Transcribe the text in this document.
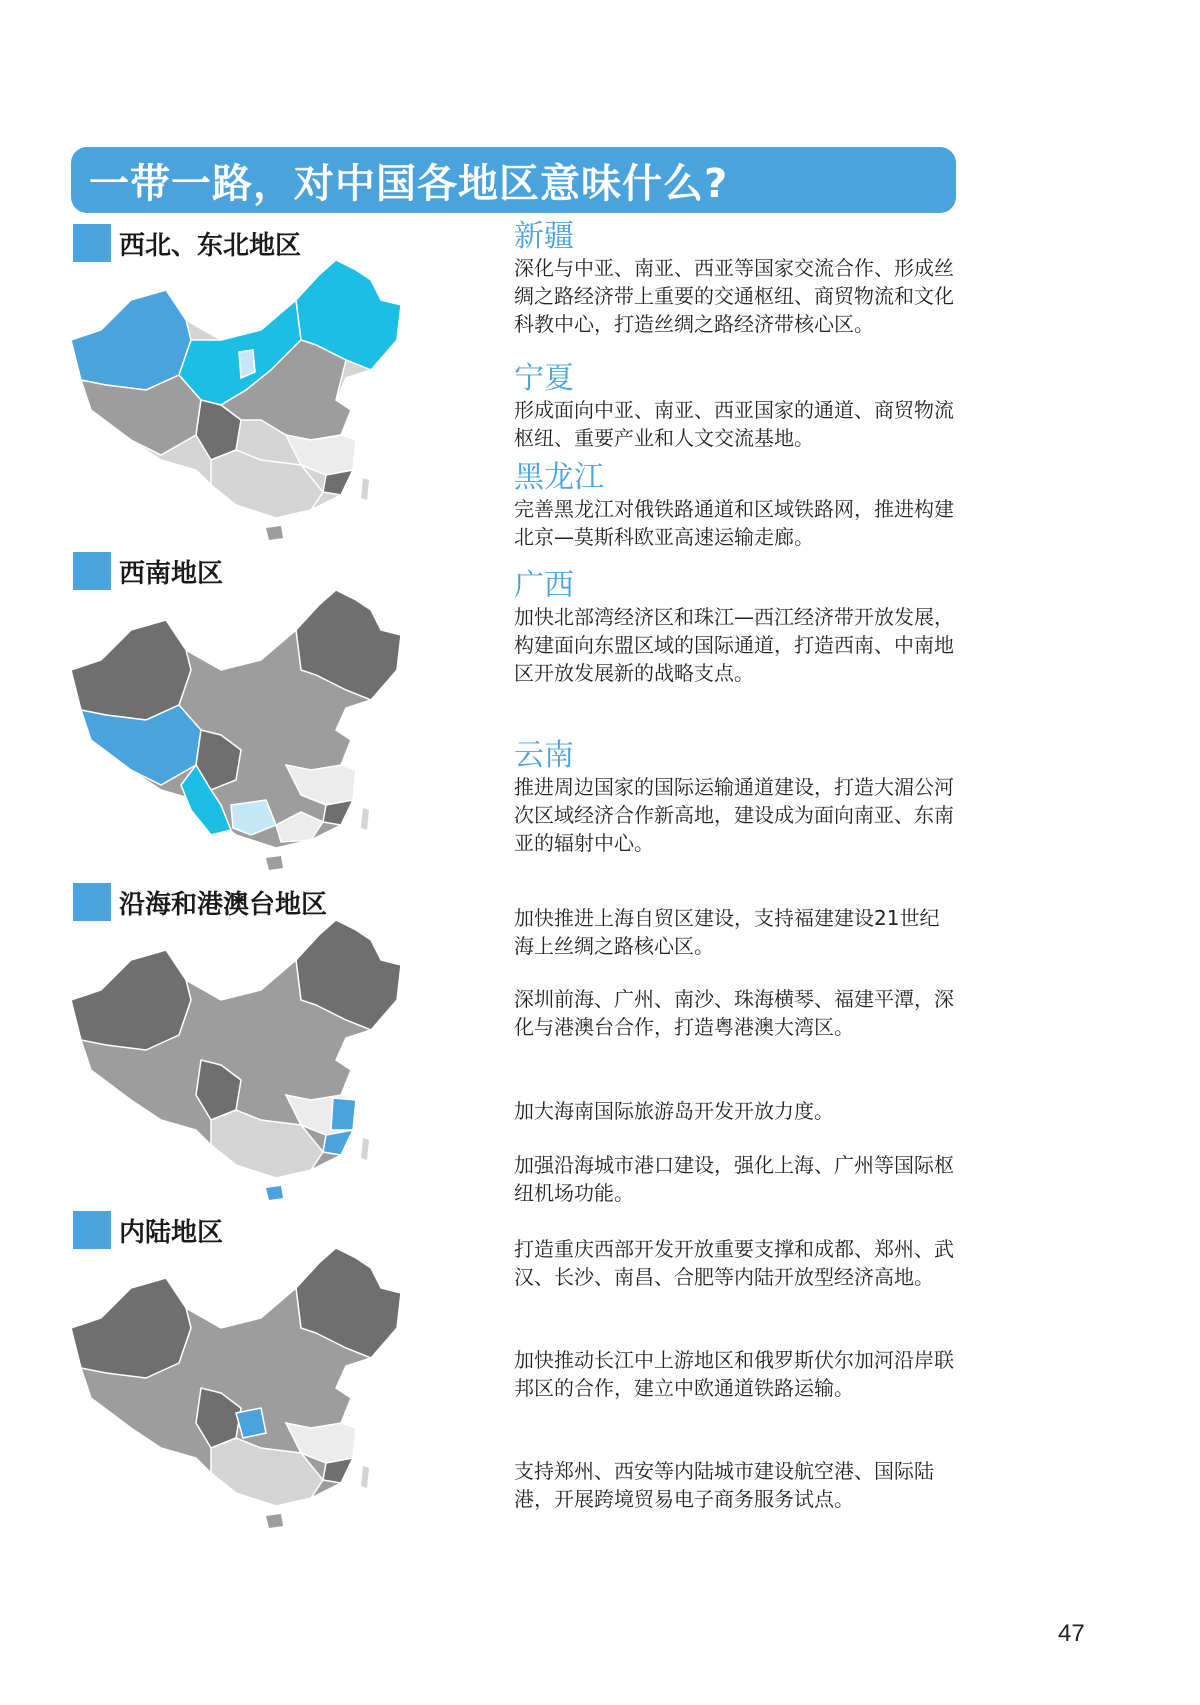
一带一路，对中国各地区意味什么?
西北、东北地区
西南地区
沿海和港澳台地区
内陆地区
新疆
深化与中亚、南亚、西亚等国家交流合作、形成丝绸之路经济带上重要的交通枢纽、商贸物流和文化科教中心，打造丝绸之路经济带核心区。
宁夏
形成面向中亚、南亚、西亚国家的通道、商贸物流枢纽、重要产业和人文交流基地。
黑龙江
完善黑龙江对俄铁路通道和区域铁路网，推进构建北京—莫斯科欧亚高速运输走廊。
广西
加快北部湾经济区和珠江—西江经济带开放发展，构建面向东盟区域的国际通道，打造西南、中南地区开放发展新的战略支点。
云南
推进周边国家的国际运输通道建设，打造大湄公河次区域经济合作新高地，建设成为面向南亚、东南亚的辐射中心。
加快推进上海自贸区建设，支持福建建设21世纪海上丝绸之路核心区。
深圳前海、广州、南沙、珠海横琴、福建平潭，深化与港澳台合作，打造粤港澳大湾区。
加大海南国际旅游岛开发开放力度。
加强沿海城市港口建设，强化上海、广州等国际枢纽机场功能。
打造重庆西部开发开放重要支撑和成都、郑州、武汉、长沙、南昌、合肥等内陆开放型经济高地。
加快推动长江中上游地区和俄罗斯伏尔加河沿岸联邦区的合作，建立中欧通道铁路运输。
支持郑州、西安等内陆城市建设航空港、国际陆港，开展跨境贸易电子商务服务试点。
47
